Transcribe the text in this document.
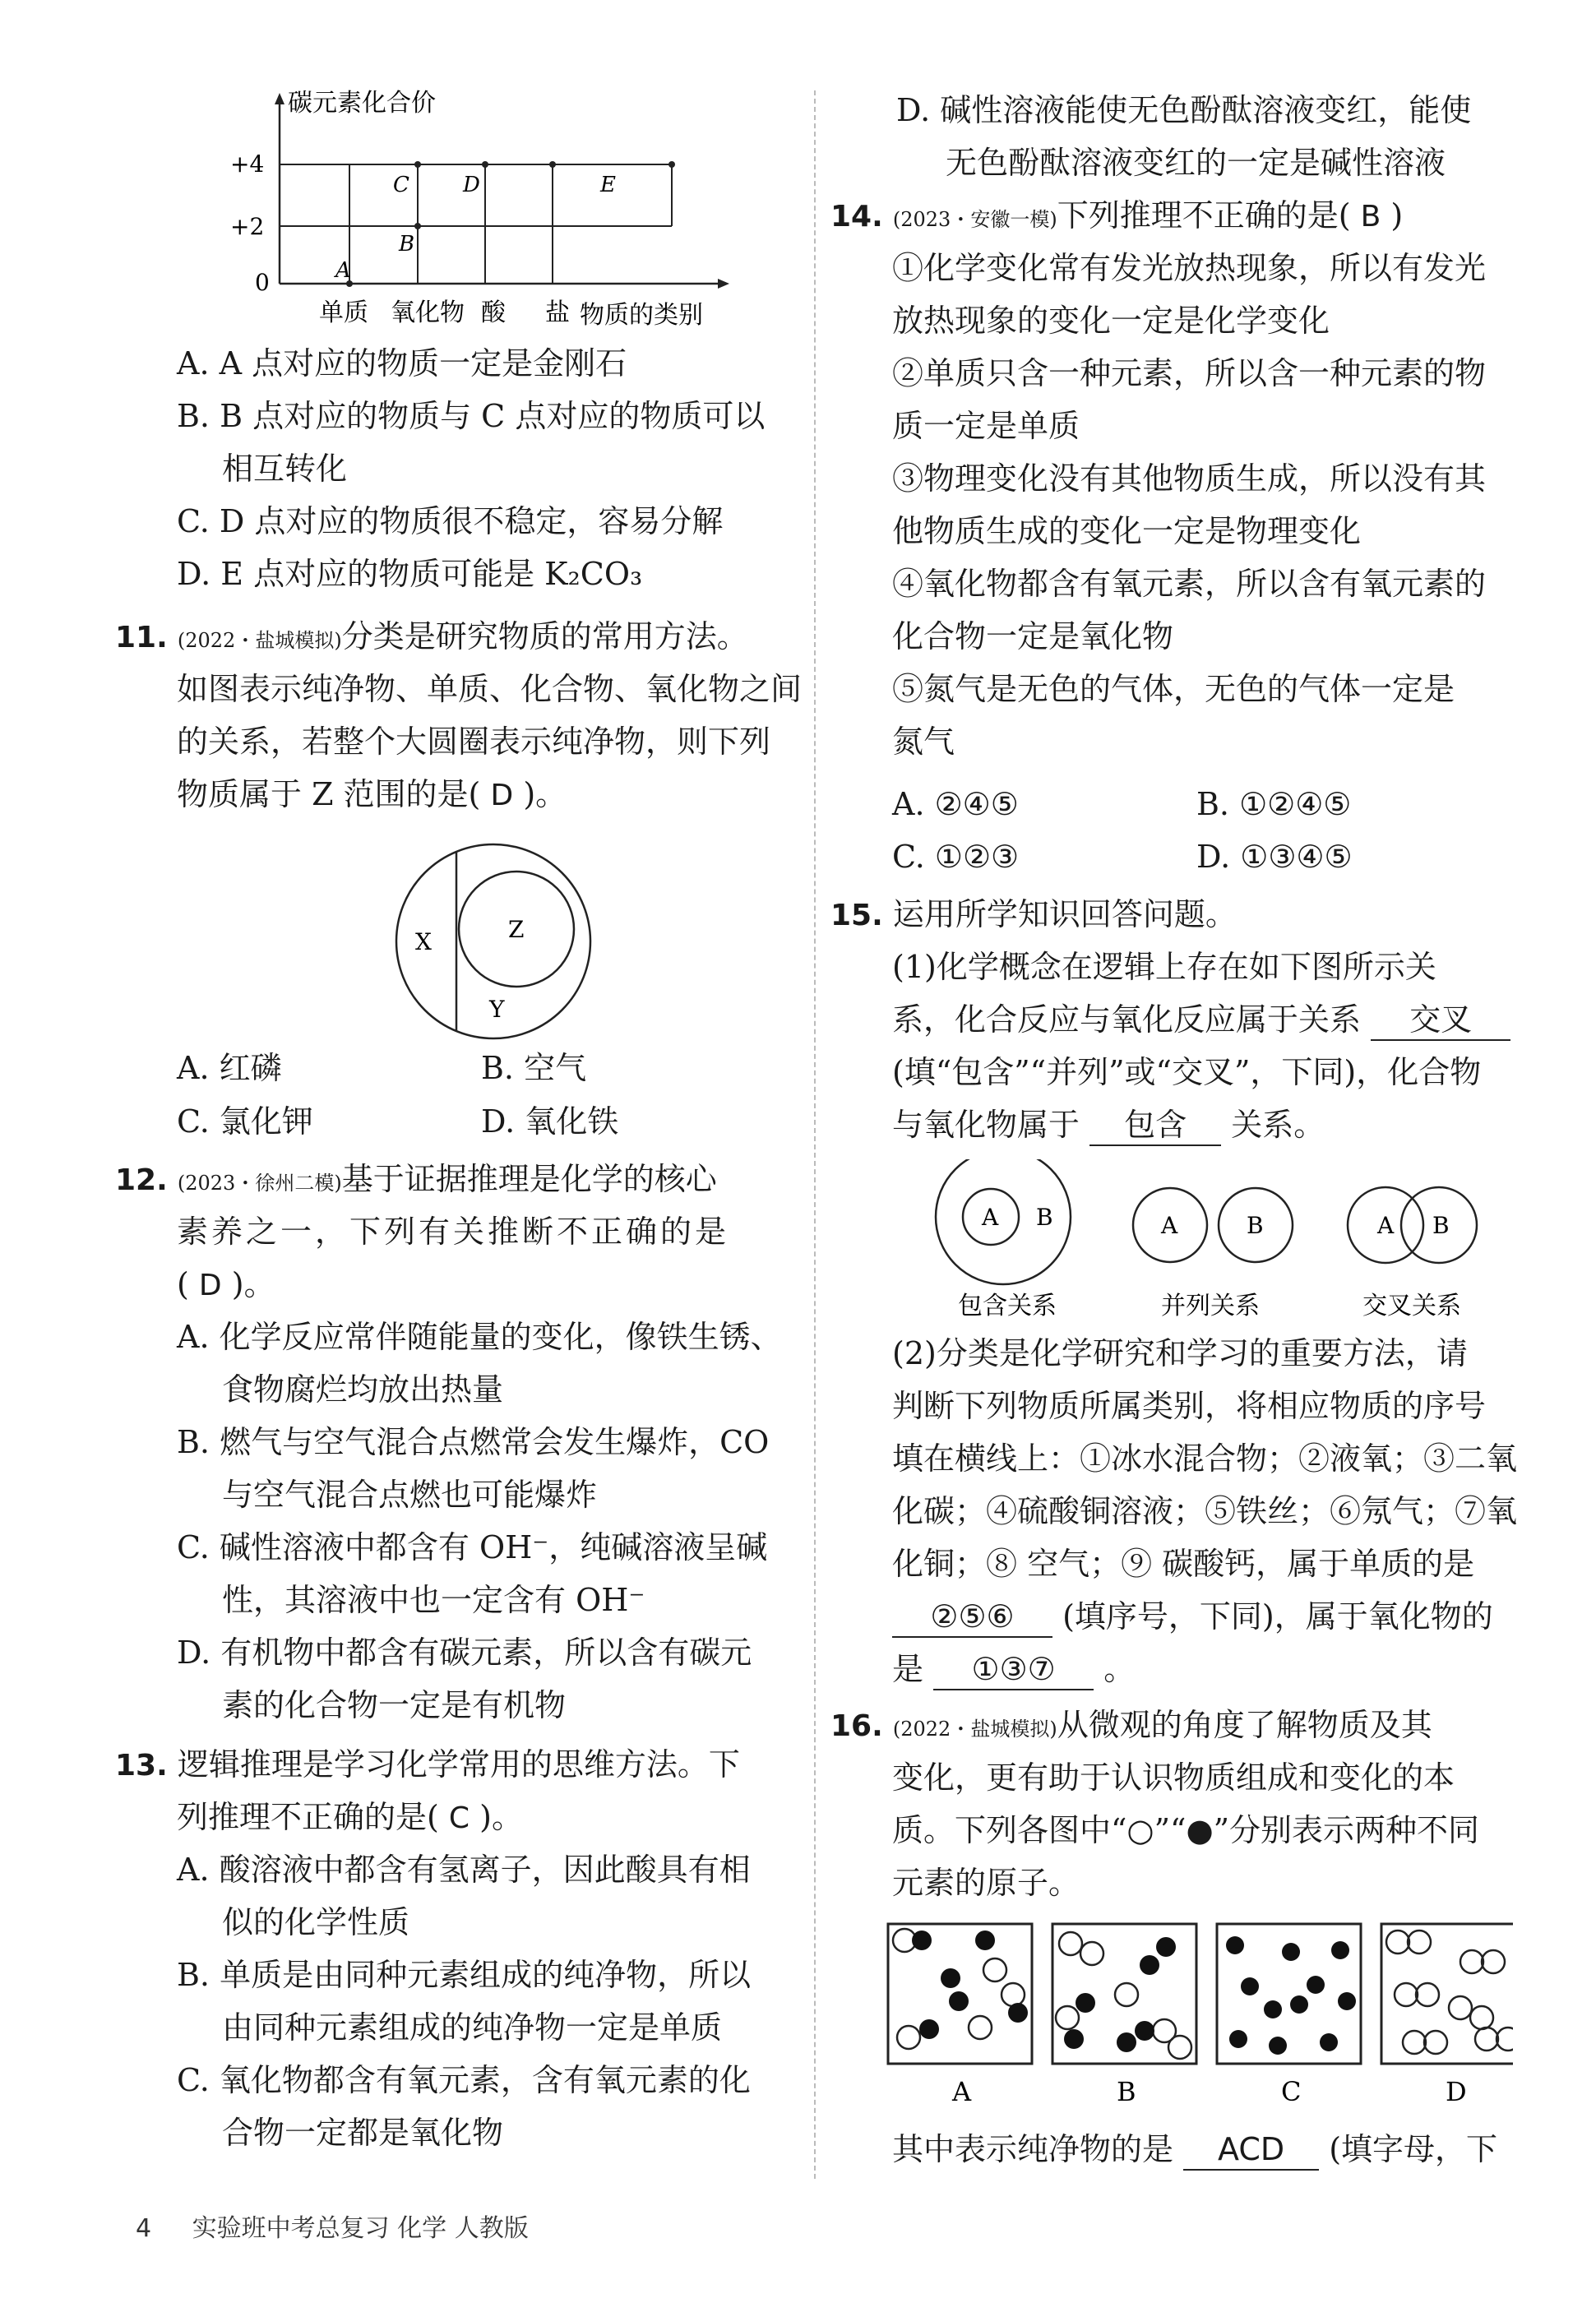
碳元素化合价
+4
+2
0	A
B
C	D	E
单质 氧化物 酸 盐 物质的类别
A. A 点对应的物质一定是金刚石
B. B 点对应的物质与 C 点对应的物质可以
相互转化
C. D 点对应的物质很不稳定，容易分解
D. E 点对应的物质可能是 K₂CO₃
11. (2022・盐城模拟)分类是研究物质的常用方法。
如图表示纯净物、单质、化合物、氧化物之间
的关系，若整个大圆圈表示纯净物，则下列
物质属于 Z 范围的是( D )。
X	Z
Y
A. 红磷	B. 空气
C. 氯化钾	D. 氧化铁
12. (2023・徐州二模)基于证据推理是化学的核心
素养之一，下列有关推断不正确的是
( D )。
A. 化学反应常伴随能量的变化，像铁生锈、
食物腐烂均放出热量
B. 燃气与空气混合点燃常会发生爆炸，CO
与空气混合点燃也可能爆炸
C. 碱性溶液中都含有 OH⁻，纯碱溶液呈碱
性，其溶液中也一定含有 OH⁻
D. 有机物中都含有碳元素，所以含有碳元
素的化合物一定是有机物
13. 逻辑推理是学习化学常用的思维方法。下
列推理不正确的是( C )。
A. 酸溶液中都含有氢离子，因此酸具有相
似的化学性质
B. 单质是由同种元素组成的纯净物，所以
由同种元素组成的纯净物一定是单质
C. 氧化物都含有氧元素，含有氧元素的化
合物一定都是氧化物
D. 碱性溶液能使无色酚酞溶液变红，能使
无色酚酞溶液变红的一定是碱性溶液
14. (2023・安徽一模)下列推理不正确的是( B )
①化学变化常有发光放热现象，所以有发光
放热现象的变化一定是化学变化
②单质只含一种元素，所以含一种元素的物
质一定是单质
③物理变化没有其他物质生成，所以没有其
他物质生成的变化一定是物理变化
④氧化物都含有氧元素，所以含有氧元素的
化合物一定是氧化物
⑤氮气是无色的气体，无色的气体一定是
氮气
A. ②④⑤	B. ①②④⑤
C. ①②③	D. ①③④⑤
15. 运用所学知识回答问题。
(1)化学概念在逻辑上存在如下图所示关
系，化合反应与氧化反应属于关系 交叉
(填“包含”“并列”或“交叉”，下同)，化合物
与氧化物属于 包含 关系。
A B	A	B	A B
包含关系	并列关系	交叉关系
(2)分类是化学研究和学习的重要方法，请
判断下列物质所属类别，将相应物质的序号
填在横线上：①冰水混合物；②液氧；③二氧
化碳；④硫酸铜溶液；⑤铁丝；⑥氖气；⑦氧
化铜；⑧ 空气；⑨ 碳酸钙，属于单质的是
②⑤⑥ (填序号，下同)，属于氧化物的
是 ①③⑦ 。
16. (2022・盐城模拟)从微观的角度了解物质及其
变化，更有助于认识物质组成和变化的本
质。下列各图中“○”“●”分别表示两种不同
元素的原子。
A	B	C	D
其中表示纯净物的是 ACD (填字母，下
4 实验班中考总复习 化学 人教版
